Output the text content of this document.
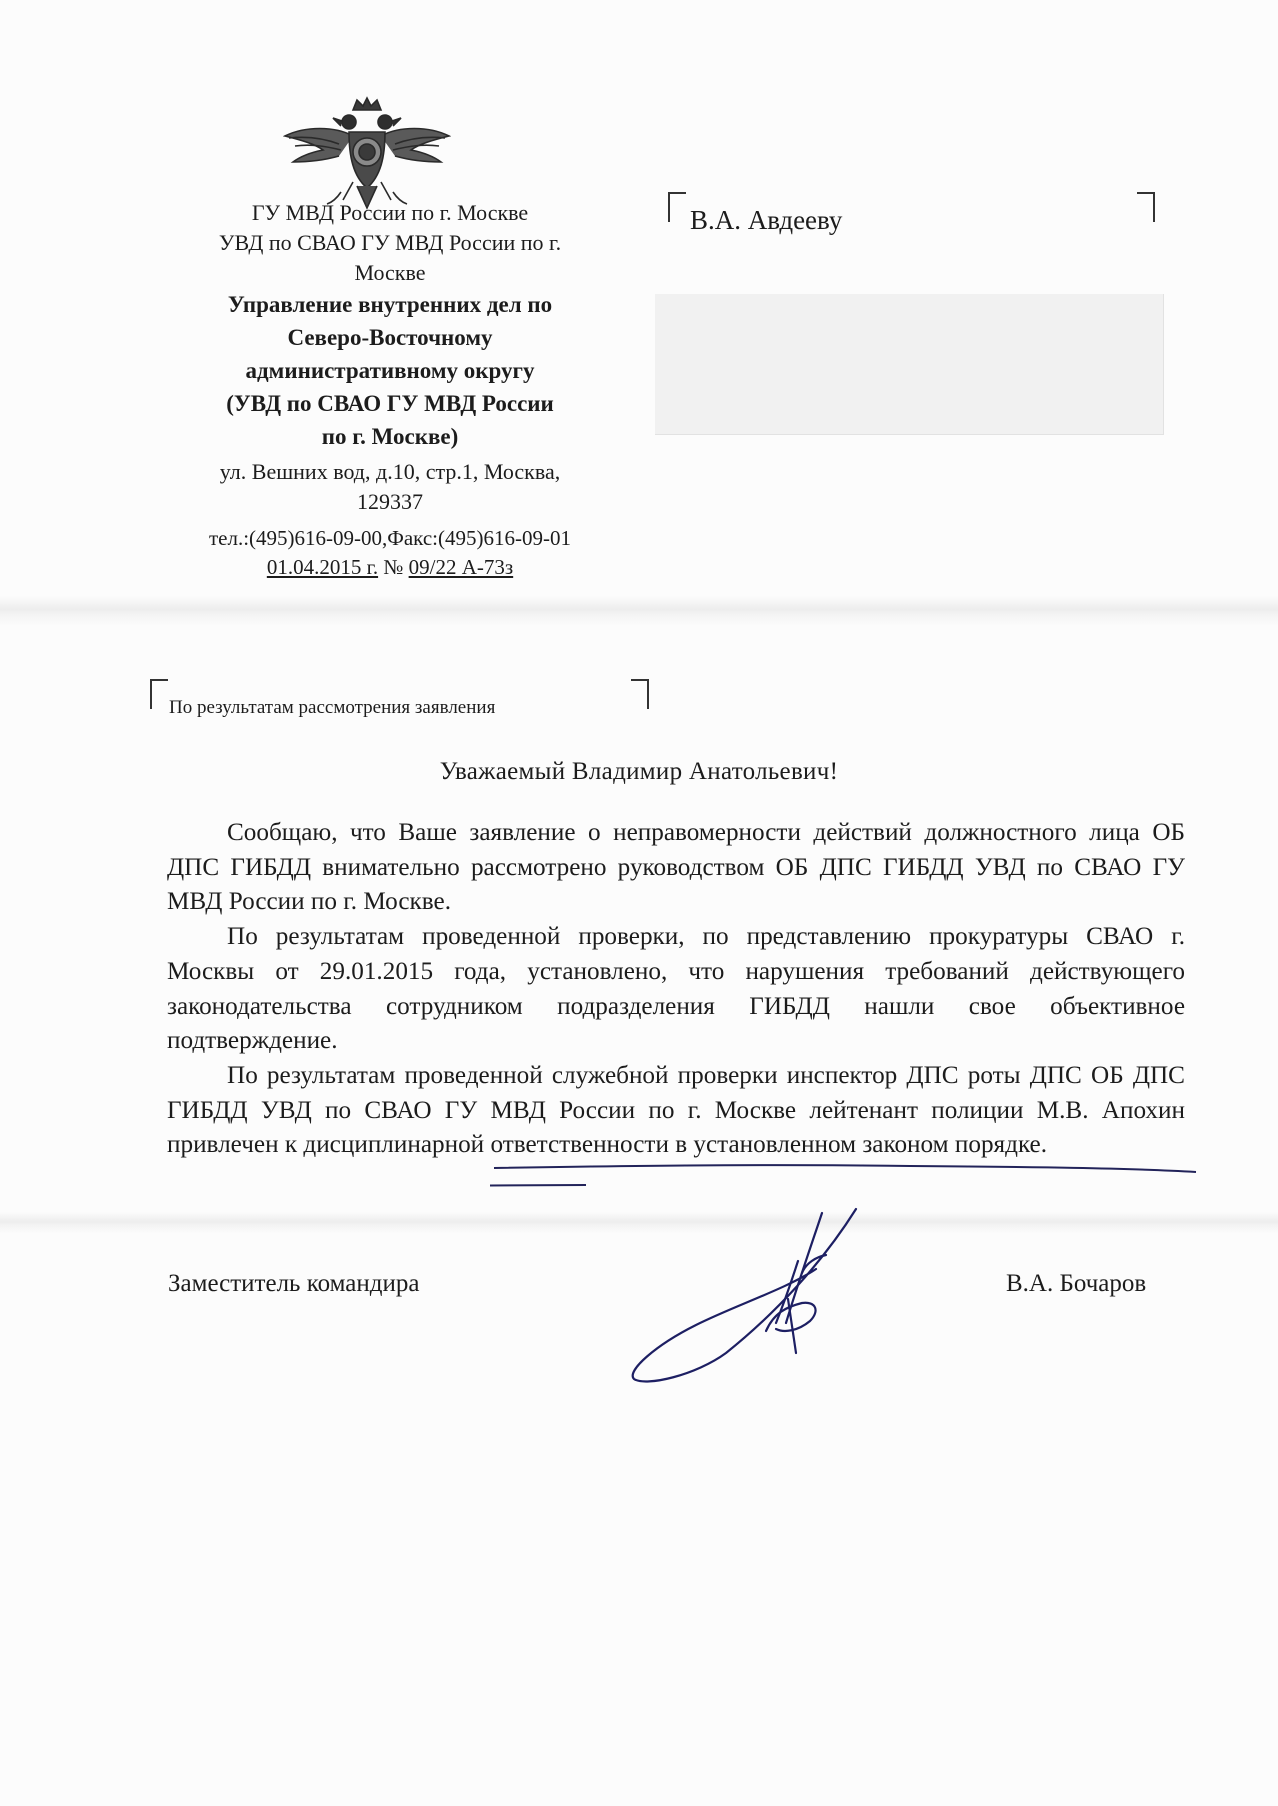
ГУ МВД России по г. Москве
УВД по СВАО ГУ МВД России по г.
Москве
Управление внутренних дел по
Северо-Восточному
административному округу
(УВД по СВАО ГУ МВД России
по г. Москве)
ул. Вешних вод, д.10, стр.1, Москва,
129337
тел.:(495)616-09-00,Факс:(495)616-09-01
01.04.2015 г. № 09/22 А-73з
В.А. Авдееву
По результатам рассмотрения заявления
Уважаемый Владимир Анатольевич!

Сообщаю, что Ваше заявление о неправомерности действий должностного лица ОБ ДПС ГИБДД внимательно рассмотрено руководством ОБ ДПС ГИБДД УВД по СВАО ГУ МВД России по г. Москве.

По результатам проведенной проверки, по представлению прокуратуры СВАО г. Москвы от 29.01.2015 года, установлено, что нарушения требований действующего законодательства сотрудником подразделения ГИБДД нашли свое объективное подтверждение.

По результатам проведенной служебной проверки инспектор ДПС роты ДПС ОБ ДПС ГИБДД УВД по СВАО ГУ МВД России по г. Москве лейтенант полиции М.В. Апохин привлечен к дисциплинарной ответственности в установленном законом порядке.

Заместитель командира	В.А. Бочаров
